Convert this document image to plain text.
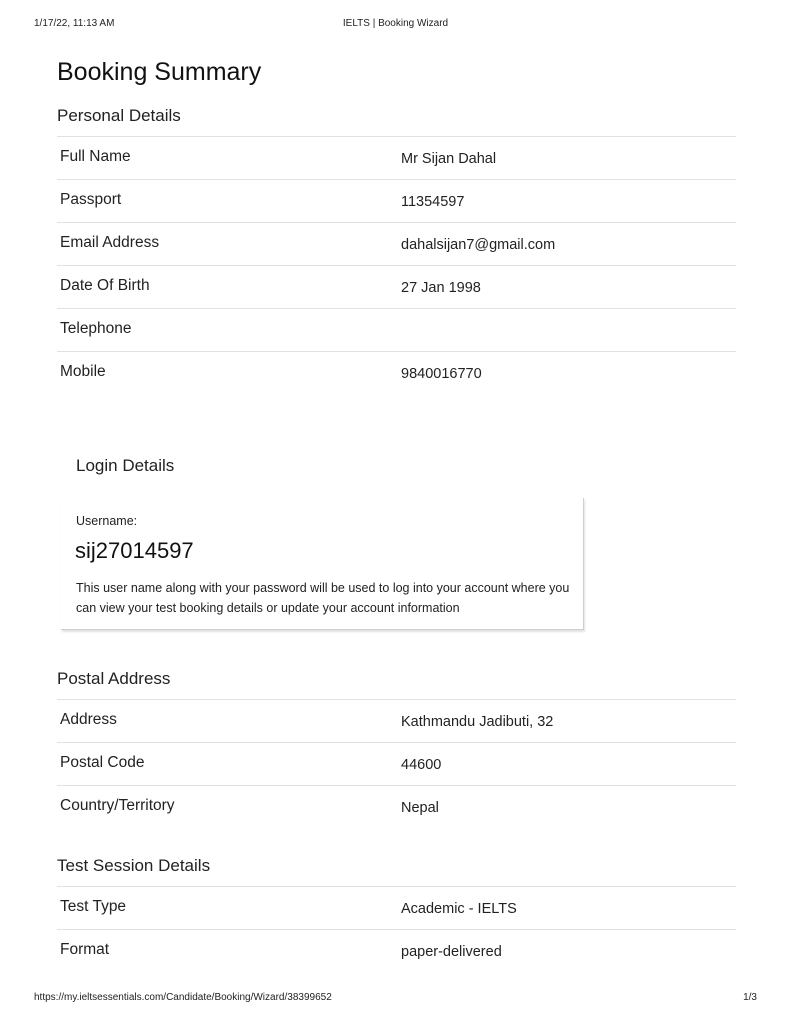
1/17/22, 11:13 AM	IELTS | Booking Wizard
Booking Summary
Personal Details
Full Name	Mr Sijan Dahal
Passport	11354597
Email Address	dahalsijan7@gmail.com
Date Of Birth	27 Jan 1998
Telephone
Mobile	9840016770
Login Details
Username:
sij27014597
This user name along with your password will be used to log into your account where you can view your test booking details or update your account information
Postal Address
Address	Kathmandu Jadibuti, 32
Postal Code	44600
Country/Territory	Nepal
Test Session Details
Test Type	Academic - IELTS
Format	paper-delivered
https://my.ieltsessentials.com/Candidate/Booking/Wizard/38399652	1/3
